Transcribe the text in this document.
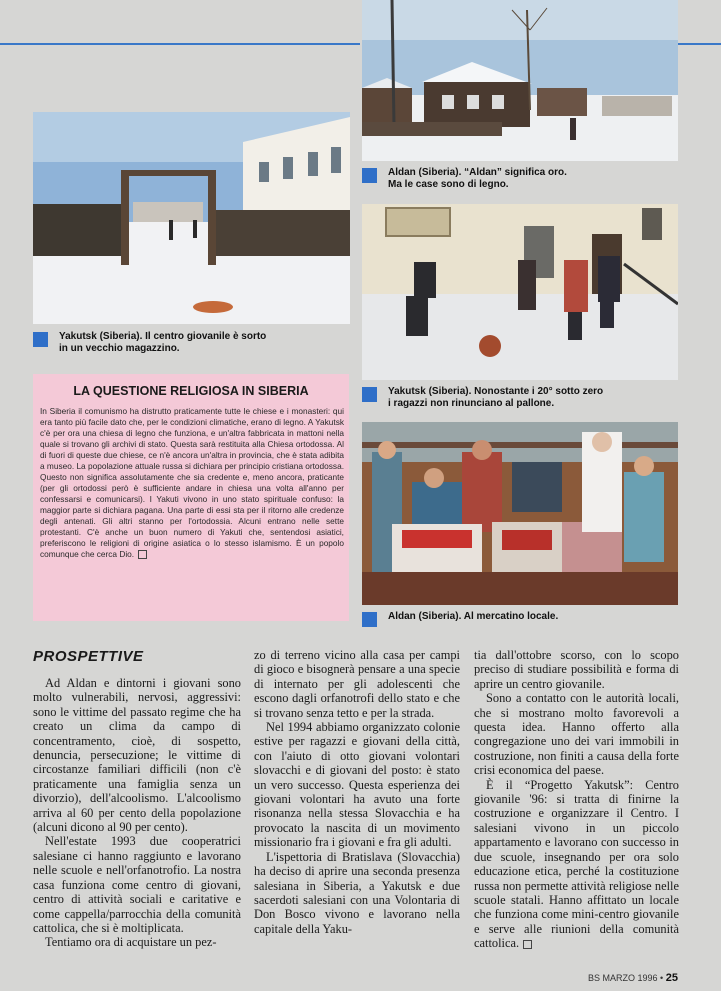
Aldan (Siberia). “Aldan” significa oro.
Ma le case sono di legno.
Yakutsk (Siberia). Il centro giovanile è sorto
in un vecchio magazzino.
Yakutsk (Siberia). Nonostante i 20° sotto zero
i ragazzi non rinunciano al pallone.
Aldan (Siberia). Al mercatino locale.
LA QUESTIONE RELIGIOSA IN SIBERIA
In Siberia il comunismo ha distrutto praticamente tutte le chiese e i monasteri: qui era tanto più facile dato che, per le condizioni climatiche, erano di legno. A Yakutsk c'è per ora una chiesa di legno che funziona, e un'altra fabbricata in mattoni nella quale si trovano gli archivi di stato. Questa sarà restituita alla Chiesa ortodossa. Al di fuori di queste due chiese, ce n'è ancora un'altra in provincia, che è stata adibita a museo. La popolazione attuale russa si dichiara per principio cristiana ortodossa. Questo non significa assolutamente che sia credente e, meno ancora, praticante (per gli ortodossi però è sufficiente andare in chiesa una volta all'anno per confessarsi e comunicarsi). I Yakuti vivono in uno stato spirituale confuso: la maggior parte si dichiara pagana. Una parte di essi sta per il ritorno alle credenze degli antenati. Gli altri stanno per l'ortodossia. Alcuni entrano nelle sette protestanti. C'è anche un buon numero di Yakuti che, sentendosi asiatici, preferiscono le religioni di origine asiatica o lo stesso islamismo. È un popolo comunque che cerca Dio.
PROSPETTIVE

Ad Aldan e dintorni i giovani sono molto vulnerabili, nervosi, aggressivi: sono le vittime del passato regime che ha creato un clima da campo di concentramento, cioè, di sospetto, denuncia, persecuzione; le vittime di circostanze familiari difficili (non c'è praticamente una famiglia senza un divorzio), dell'alcoolismo. L'alcoolismo arriva al 60 per cento della popolazione (alcuni dicono al 90 per cento).

Nell'estate 1993 due cooperatrici salesiane ci hanno raggiunto e lavorano nelle scuole e nell'orfanotrofio. La nostra casa funziona come centro di giovani, centro di attività sociali e caritative e come cappella/parrocchia della comunità cattolica, che si è moltiplicata.

Tentiamo ora di acquistare un pez-

zo di terreno vicino alla casa per campi di gioco e bisognerà pensare a una specie di internato per gli adolescenti che escono dagli orfanotrofi dello stato e che si trovano senza tetto e per la strada.

Nel 1994 abbiamo organizzato colonie estive per ragazzi e giovani della città, con l'aiuto di otto giovani volontari slovacchi e di giovani del posto: è stato un vero successo. Questa esperienza dei giovani volontari ha avuto una forte risonanza nella stessa Slovacchia e ha provocato la nascita di un movimento missionario fra i giovani e fra gli adulti.

L'ispettoria di Bratislava (Slovacchia) ha deciso di aprire una seconda presenza salesiana in Siberia, a Yakutsk e due sacerdoti salesiani con una Volontaria di Don Bosco vivono e lavorano nella capitale della Yaku-

tia dall'ottobre scorso, con lo scopo preciso di studiare possibilità e forma di aprire un centro giovanile.

Sono a contatto con le autorità locali, che si mostrano molto favorevoli a questa idea. Hanno offerto alla congregazione uno dei vari immobili in costruzione, non finiti a causa della forte crisi economica del paese.

È il “Progetto Yakutsk”: Centro giovanile '96: si tratta di finirne la costruzione e organizzare il Centro. I salesiani vivono in un piccolo appartamento e lavorano con successo in due scuole, insegnando per ora solo educazione etica, perché la costituzione russa non permette attività religiose nelle scuole statali. Hanno affittato un locale che funziona come mini-centro giovanile e serve alle riunioni della comunità cattolica.

BS MARZO 1996 • 25
